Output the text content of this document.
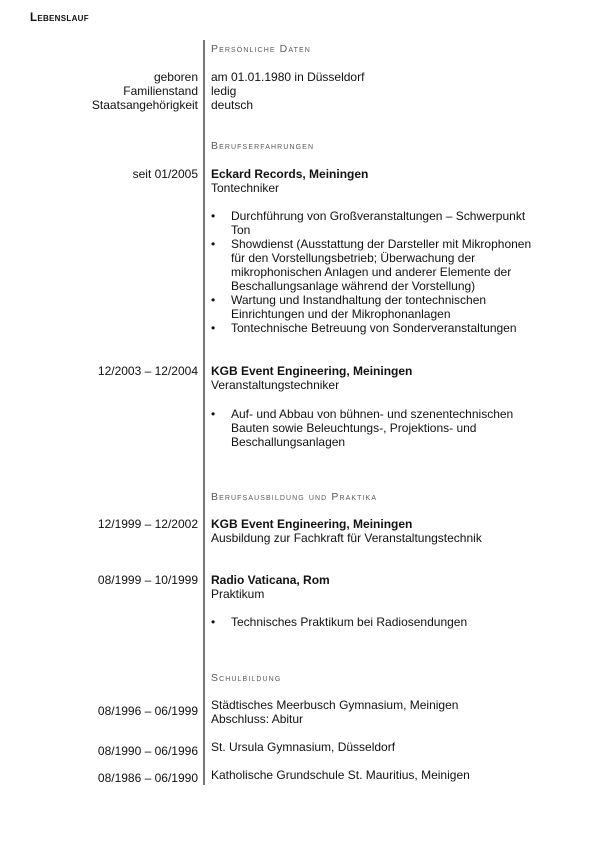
Lebenslauf
Persönliche Daten
geboren am 01.01.1980 in Düsseldorf
Familienstand ledig
Staatsangehörigkeit deutsch
Berufserfahrungen
seit 01/2005 Eckard Records, Meiningen
Tontechniker
•	Durchführung von Großveranstaltungen – Schwerpunkt Ton
•	Showdienst (Ausstattung der Darsteller mit Mikrophonen für den Vorstellungsbetrieb; Überwachung der mikrophonischen Anlagen und anderer Elemente der Beschallungsanlage während der Vorstellung)
•	Wartung und Instandhaltung der tontechnischen Einrichtungen und der Mikrophonanlagen
•	Tontechnische Betreuung von Sonderveranstaltungen
12/2003 – 12/2004 KGB Event Engineering, Meiningen
Veranstaltungstechniker
•	Auf- und Abbau von bühnen- und szenentechnischen Bauten sowie Beleuchtungs-, Projektions- und Beschallungsanlagen
Berufsausbildung und Praktika
12/1999 – 12/2002 KGB Event Engineering, Meiningen
Ausbildung zur Fachkraft für Veranstaltungstechnik
08/1999 – 10/1999 Radio Vaticana, Rom
Praktikum
•	Technisches Praktikum bei Radiosendungen
Schulbildung
08/1996 – 06/1999 Städtisches Meerbusch Gymnasium, Meinigen
Abschluss: Abitur
08/1990 – 06/1996 St. Ursula Gymnasium, Düsseldorf
08/1986 – 06/1990 Katholische Grundschule St. Mauritius, Meinigen
